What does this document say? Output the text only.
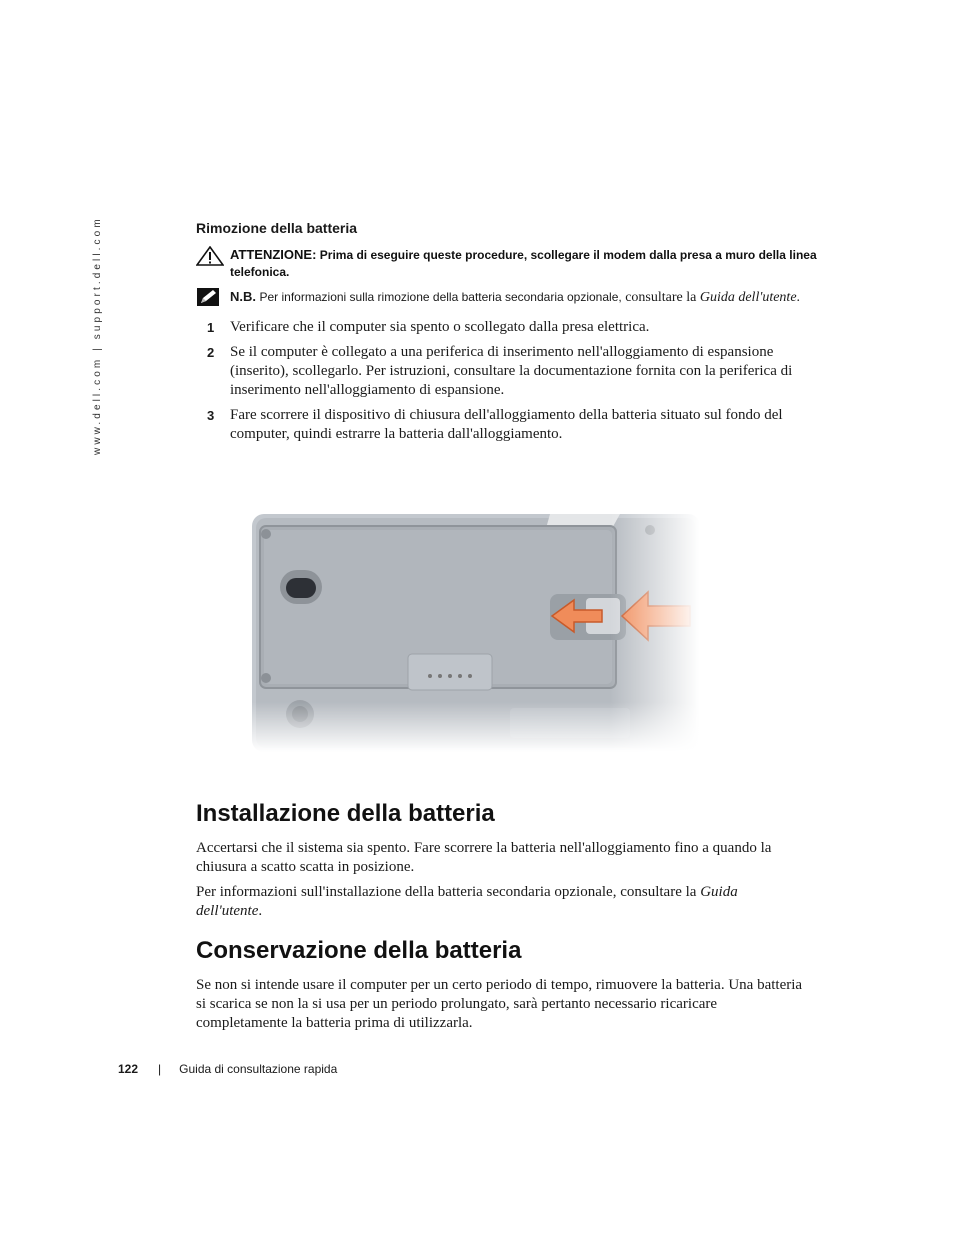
www.dell.com | support.dell.com	Rimozione della batteria
ATTENZIONE: Prima di eseguire queste procedure, scollegare il modem dalla presa a muro della linea telefonica.
N.B. Per informazioni sulla rimozione della batteria secondaria opzionale, consultare la Guida dell'utente.
1	Verificare che il computer sia spento o scollegato dalla presa elettrica.
2	Se il computer è collegato a una periferica di inserimento nell'alloggiamento di espansione (inserito), scollegarlo. Per istruzioni, consultare la documentazione fornita con la periferica di inserimento nell'alloggiamento di espansione.
3	Fare scorrere il dispositivo di chiusura dell'alloggiamento della batteria situato sul fondo del computer, quindi estrarre la batteria dall'alloggiamento.
Installazione della batteria

Accertarsi che il sistema sia spento. Fare scorrere la batteria nell'alloggiamento fino a quando la chiusura a scatto scatta in posizione.

Per informazioni sull'installazione della batteria secondaria opzionale, consultare la Guida dell'utente.

Conservazione della batteria

Se non si intende usare il computer per un certo periodo di tempo, rimuovere la batteria. Una batteria si scarica se non la si usa per un periodo prolungato, sarà pertanto necessario ricaricare completamente la batteria prima di utilizzarla.

122 | Guida di consultazione rapida
